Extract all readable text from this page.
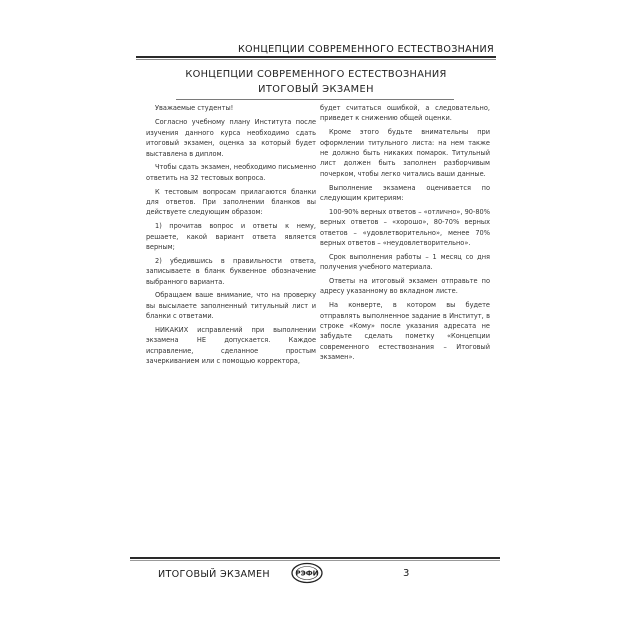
КОНЦЕПЦИИ СОВРЕМЕННОГО ЕСТЕСТВОЗНАНИЯ
КОНЦЕПЦИИ СОВРЕМЕННОГО ЕСТЕСТВОЗНАНИЯ
ИТОГОВЫЙ ЭКЗАМЕН

Уважаемые студенты!

Согласно учебному плану Института после изучения данного курса необходимо сдать итоговый экзамен, оценка за который будет выставлена в диплом.

Чтобы сдать экзамен, необходимо письменно ответить на 32 тестовых вопроса.

К тестовым вопросам прилагаются бланки для ответов. При заполнении бланков вы действуете следующим образом:

1) прочитав вопрос и ответы к нему, решаете, какой вариант ответа является верным;

2) убедившись в правильности ответа, записываете в бланк буквенное обозначение выбранного варианта.

Обращаем ваше внимание, что на проверку вы высылаете заполненный титульный лист и бланки с ответами.

НИКАКИХ исправлений при выполнении экзамена НЕ допускается. Каждое исправление, сделанное простым зачеркиванием или с помощью корректора,

будет считаться ошибкой, а следовательно, приведет к снижению общей оценки.

Кроме этого будьте внимательны при оформлении титульного листа: на нем также не должно быть никаких помарок. Титульный лист должен быть заполнен разборчивым почерком, чтобы легко читались ваши данные.

Выполнение экзамена оценивается по следующим критериям:

100-90% верных ответов – «отлично», 90-80% верных ответов – «хорошо», 80-70% верных ответов – «удовлетворительно», менее 70% верных ответов – «неудовлетворительно».

Срок выполнения работы – 1 месяц со дня получения учебного материала.

Ответы на итоговый экзамен отправьте по адресу указанному во вкладном листе.

На конверте, в котором вы будете отправлять выполненное задание в Институт, в строке «Кому» после указания адресата не забудьте сделать пометку «Концепции современного естествознания – Итоговый экзамен».

ИТОГОВЫЙ ЭКЗАМЕН	РЭФИ	3
